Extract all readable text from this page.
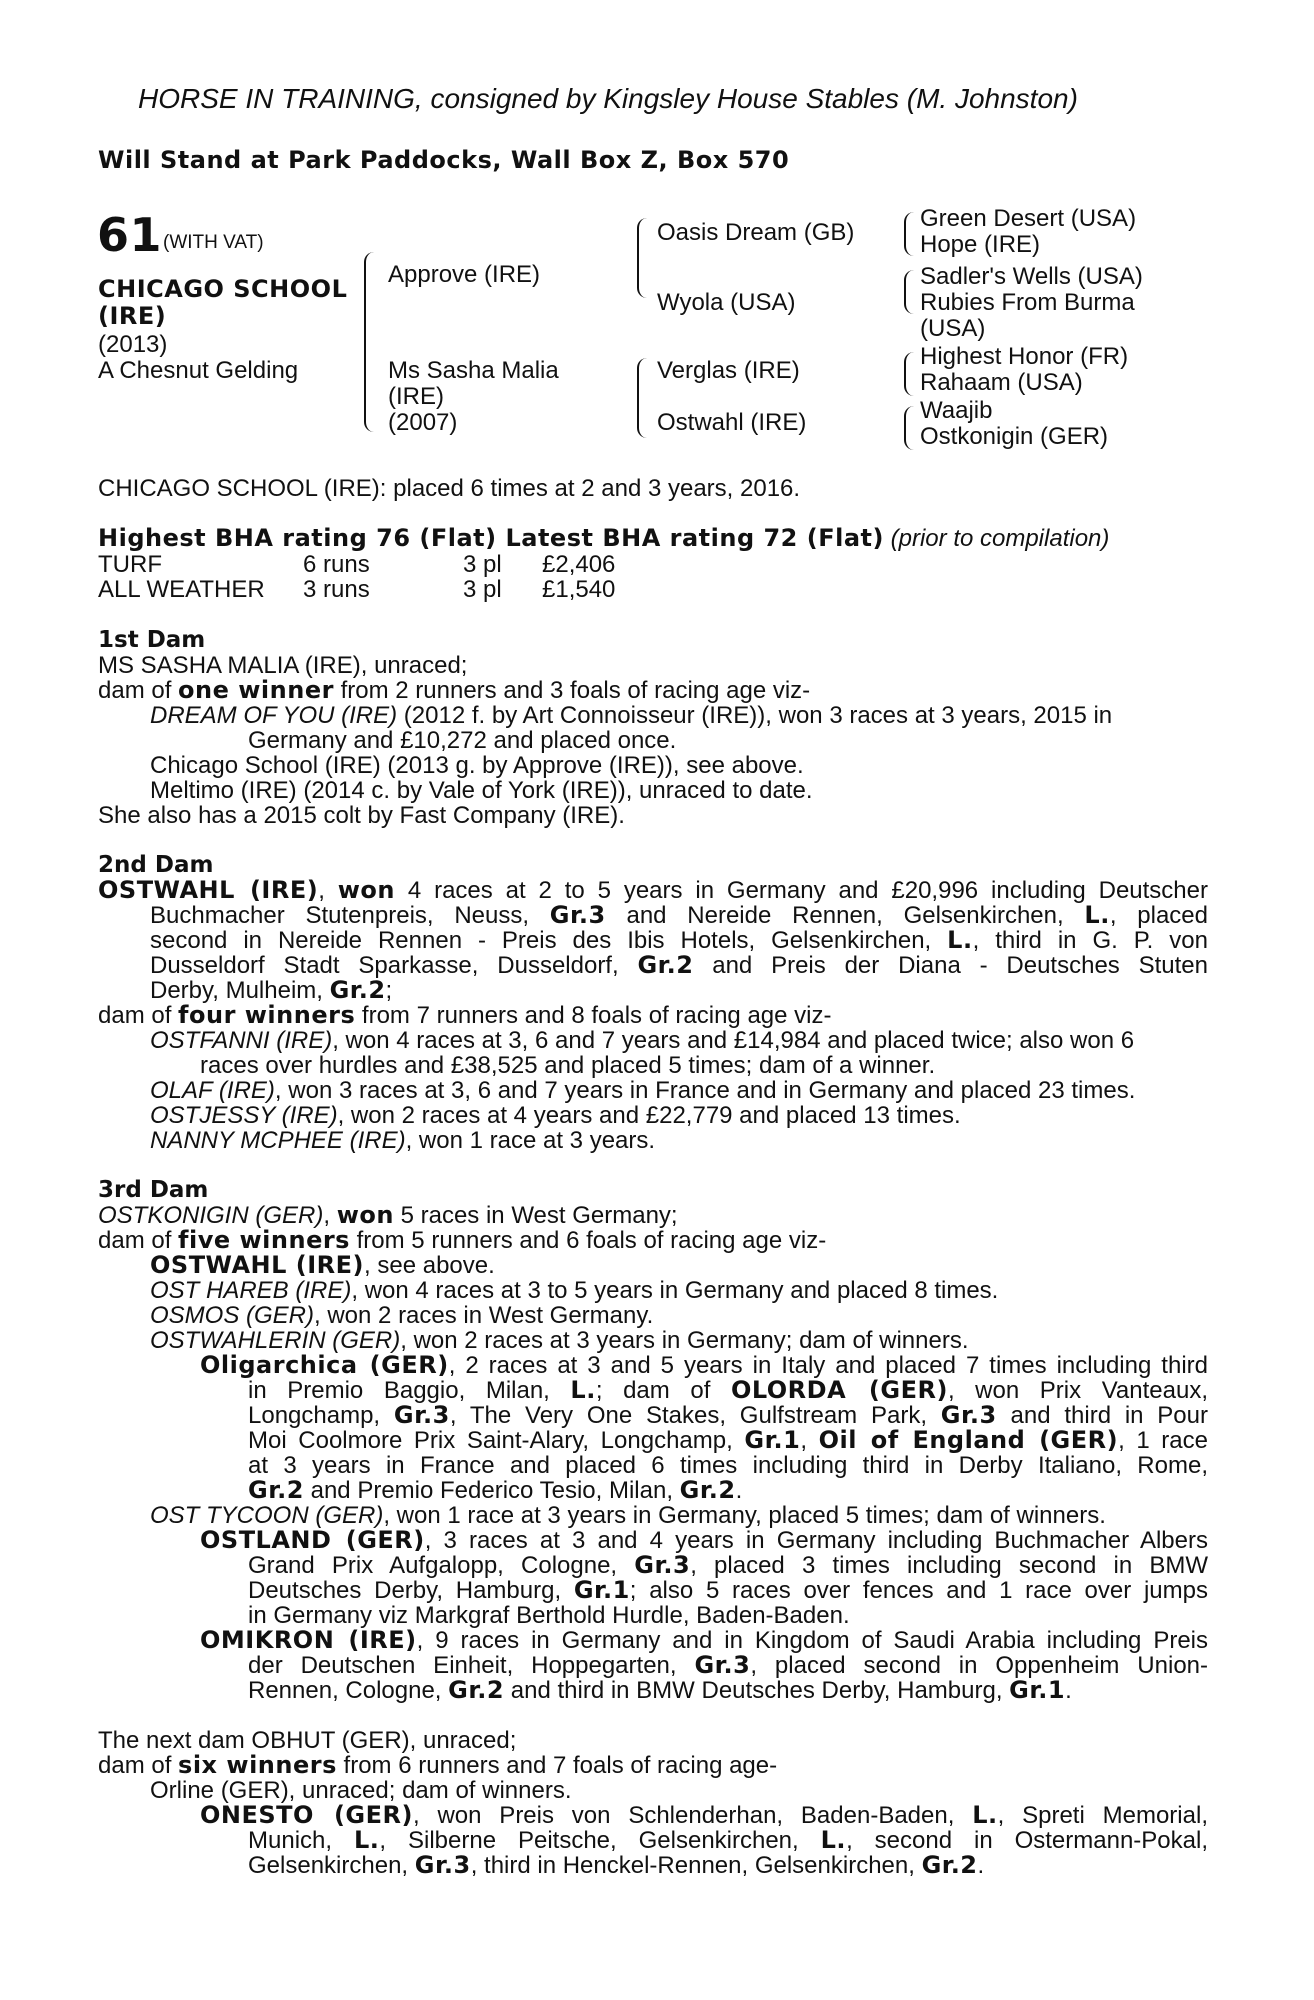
HORSE IN TRAINING, consigned by Kingsley House Stables (M. Johnston)
Will Stand at Park Paddocks, Wall Box Z, Box 570
61 (WITH VAT)
CHICAGO SCHOOL
(IRE)
(2013)
A Chesnut Gelding
Approve (IRE)
Ms Sasha Malia
(IRE)
(2007)
Oasis Dream (GB)
Wyola (USA)
Verglas (IRE)
Ostwahl (IRE)
Green Desert (USA)
Hope (IRE)
Sadler's Wells (USA)
Rubies From Burma
(USA)
Highest Honor (FR)
Rahaam (USA)
Waajib
Ostkonigin (GER)
CHICAGO SCHOOL (IRE): placed 6 times at 2 and 3 years, 2016.
Highest BHA rating 76 (Flat) Latest BHA rating 72 (Flat) (prior to compilation)
TURF	6 runs	3 pl £2,406
ALL WEATHER 3 runs	3 pl £1,540
1st Dam
MS SASHA MALIA (IRE), unraced;
dam of one winner from 2 runners and 3 foals of racing age viz-
DREAM OF YOU (IRE) (2012 f. by Art Connoisseur (IRE)), won 3 races at 3 years, 2015 in
Germany and £10,272 and placed once.
Chicago School (IRE) (2013 g. by Approve (IRE)), see above.
Meltimo (IRE) (2014 c. by Vale of York (IRE)), unraced to date.
She also has a 2015 colt by Fast Company (IRE).
2nd Dam
OSTWAHL (IRE), won 4 races at 2 to 5 years in Germany and £20,996 including Deutscher
Buchmacher Stutenpreis, Neuss, Gr.3 and Nereide Rennen, Gelsenkirchen, L., placed
second in Nereide Rennen - Preis des Ibis Hotels, Gelsenkirchen, L., third in G. P. von
Dusseldorf Stadt Sparkasse, Dusseldorf, Gr.2 and Preis der Diana - Deutsches Stuten
Derby, Mulheim, Gr.2;
dam of four winners from 7 runners and 8 foals of racing age viz-
OSTFANNI (IRE), won 4 races at 3, 6 and 7 years and £14,984 and placed twice; also won 6
races over hurdles and £38,525 and placed 5 times; dam of a winner.
OLAF (IRE), won 3 races at 3, 6 and 7 years in France and in Germany and placed 23 times.
OSTJESSY (IRE), won 2 races at 4 years and £22,779 and placed 13 times.
NANNY MCPHEE (IRE), won 1 race at 3 years.
3rd Dam
OSTKONIGIN (GER), won 5 races in West Germany;
dam of five winners from 5 runners and 6 foals of racing age viz-
OSTWAHL (IRE), see above.
OST HAREB (IRE), won 4 races at 3 to 5 years in Germany and placed 8 times.
OSMOS (GER), won 2 races in West Germany.
OSTWAHLERIN (GER), won 2 races at 3 years in Germany; dam of winners.
Oligarchica (GER), 2 races at 3 and 5 years in Italy and placed 7 times including third
in Premio Baggio, Milan, L.; dam of OLORDA (GER), won Prix Vanteaux,
Longchamp, Gr.3, The Very One Stakes, Gulfstream Park, Gr.3 and third in Pour
Moi Coolmore Prix Saint-Alary, Longchamp, Gr.1, Oil of England (GER), 1 race
at 3 years in France and placed 6 times including third in Derby Italiano, Rome,
Gr.2 and Premio Federico Tesio, Milan, Gr.2.
OST TYCOON (GER), won 1 race at 3 years in Germany, placed 5 times; dam of winners.
OSTLAND (GER), 3 races at 3 and 4 years in Germany including Buchmacher Albers
Grand Prix Aufgalopp, Cologne, Gr.3, placed 3 times including second in BMW
Deutsches Derby, Hamburg, Gr.1; also 5 races over fences and 1 race over jumps
in Germany viz Markgraf Berthold Hurdle, Baden-Baden.
OMIKRON (IRE), 9 races in Germany and in Kingdom of Saudi Arabia including Preis
der Deutschen Einheit, Hoppegarten, Gr.3, placed second in Oppenheim Union-
Rennen, Cologne, Gr.2 and third in BMW Deutsches Derby, Hamburg, Gr.1.
The next dam OBHUT (GER), unraced;
dam of six winners from 6 runners and 7 foals of racing age-
Orline (GER), unraced; dam of winners.
ONESTO (GER), won Preis von Schlenderhan, Baden-Baden, L., Spreti Memorial,
Munich, L., Silberne Peitsche, Gelsenkirchen, L., second in Ostermann-Pokal,
Gelsenkirchen, Gr.3, third in Henckel-Rennen, Gelsenkirchen, Gr.2.
